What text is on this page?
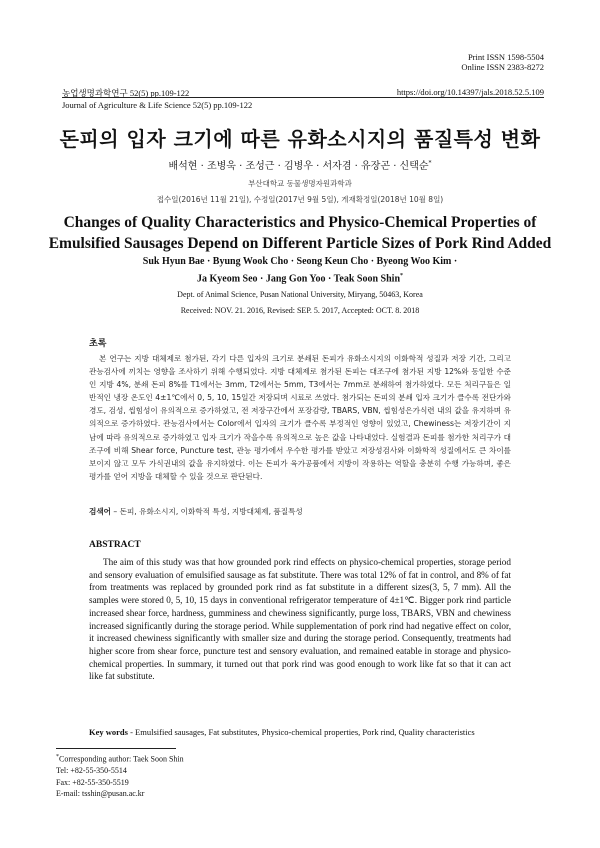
Print ISSN 1598-5504
Online ISSN 2383-8272
농업생명과학연구 52(5) pp.109-122	https://doi.org/10.14397/jals.2018.52.5.109
Journal of Agriculture & Life Science 52(5) pp.109-122
돈피의 입자 크기에 따른 유화소시지의 품질특성 변화
배석현 · 조병욱 · 조성근 · 김병우 · 서자겸 · 유장곤 · 신택순*
부산대학교 동물생명자원과학과
접수일(2016년 11월 21일), 수정일(2017년 9월 5일), 게재확정일(2018년 10월 8일)
Changes of Quality Characteristics and Physico-Chemical Properties of
Emulsified Sausages Depend on Different Particle Sizes of Pork Rind Added
Suk Hyun Bae · Byung Wook Cho · Seong Keun Cho · Byeong Woo Kim ·
Ja Kyeom Seo · Jang Gon Yoo · Teak Soon Shin*
Dept. of Animal Science, Pusan National University, Miryang, 50463, Korea
Received: NOV. 21. 2016, Revised: SEP. 5. 2017, Accepted: OCT. 8. 2018
초록
본 연구는 지방 대체제로 첨가된, 각기 다른 입자의 크기로 분쇄된 돈피가 유화소시지의 이화학적 성질과 저장 기간, 그리고 관능검사에 끼치는 영향을 조사하기 위해 수행되었다. 지방 대체제로 첨가된 돈피는 대조구에 첨가된 지방 12%와 동일한 수준인 지방 4%, 분쇄 돈피 8%를 T1에서는 3mm, T2에서는 5mm, T3에서는 7mm로 분쇄하여 첨가하였다. 모든 처리구들은 일반적인 냉장 온도인 4±1℃에서 0, 5, 10, 15일간 저장되며 시료로 쓰였다. 첨가되는 돈피의 분쇄 입자 크기가 클수록 전단가와 경도, 검성, 씹힘성이 유의적으로 증가하였고, 전 저장구간에서 포장감량, TBARS, VBN, 씹힘성은가식련 내의 값을 유지하며 유의적으로 증가하였다. 관능검사에서는 Color에서 입자의 크기가 클수록 부정적인 영향이 있었고, Chewiness는 저장기간이 지남에 따라 유의적으로 증가하였고 입자 크기가 작을수록 유의적으로 높은 값을 나타내었다. 실험결과 돈피를 첨가한 처리구가 대조구에 비해 Shear force, Puncture test, 관능 평가에서 우수한 평가를 받았고 저장성검사와 이화학적 성질에서도 큰 차이를 보이지 않고 모두 가식권내의 값을 유지하였다. 이는 돈피가 육가공품에서 지방이 작용하는 역할을 충분히 수행 가능하며, 좋은 평가를 얻어 지방을 대체할 수 있을 것으로 판단된다.
검색어 – 돈피, 유화소시지, 이화학적 특성, 지방대체제, 품질특성
ABSTRACT
The aim of this study was that how grounded pork rind effects on physico-chemical properties, storage period and sensory evaluation of emulsified sausage as fat substitute. There was total 12% of fat in control, and 8% of fat from treatments was replaced by grounded pork rind as fat substitute in a different sizes(3, 5, 7 mm). All the samples were stored 0, 5, 10, 15 days in conventional refrigerator temperature of 4±1℃. Bigger pork rind particle increased shear force, hardness, gumminess and chewiness significantly, purge loss, TBARS, VBN and chewiness increased significantly during the storage period. While supplementation of pork rind had negative effect on color, it increased chewiness significantly with smaller size and during the storage period. Consequently, treatments had higher score from shear force, puncture test and sensory evaluation, and remained eatable in storage and physico-chemical properties. In summary, it turned out that pork rind was good enough to work like fat so that it can act like fat substitute.
Key words - Emulsified sausages, Fat substitutes, Physico-chemical properties, Pork rind, Quality characteristics
*Corresponding author: Taek Soon Shin
Tel: +82-55-350-5514
Fax: +82-55-350-5519
E-mail: tsshin@pusan.ac.kr
